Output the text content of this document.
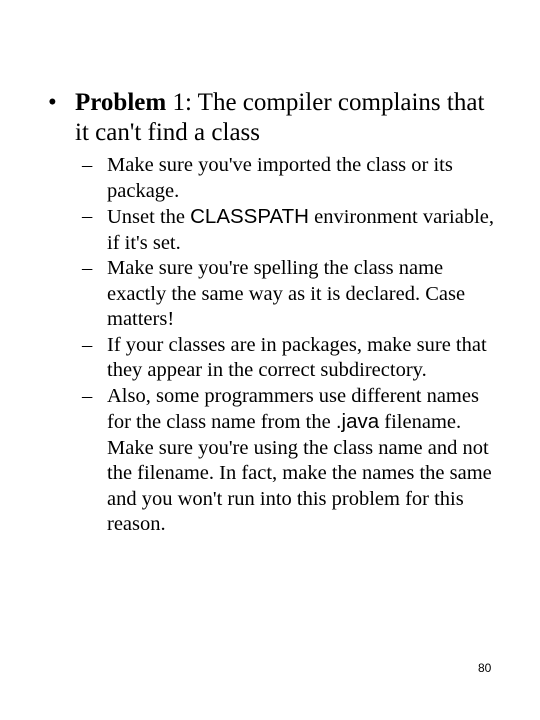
• Problem 1: The compiler complains that it can't find a class
– Make sure you've imported the class or its package.
– Unset the CLASSPATH environment variable, if it's set.
– Make sure you're spelling the class name exactly the same way as it is declared. Case matters!
– If your classes are in packages, make sure that they appear in the correct subdirectory.
– Also, some programmers use different names for the class name from the .java filename. Make sure you're using the class name and not the filename. In fact, make the names the same and you won't run into this problem for this reason.
80
